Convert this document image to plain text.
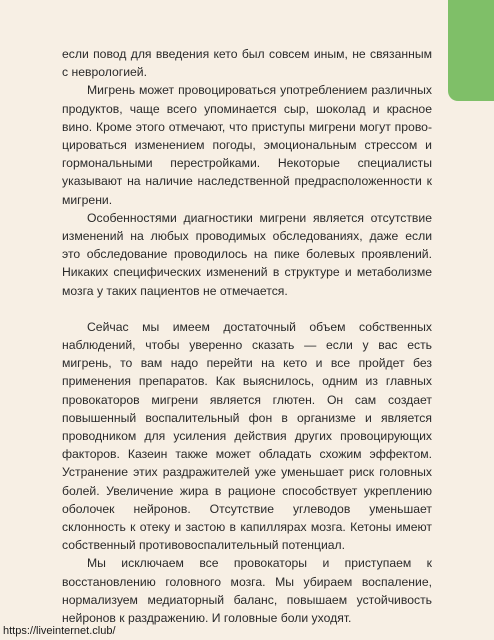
если повод для введения кето был совсем иным, не связанным с неврологией.

Мигрень может провоцироваться употреблением различных продуктов, чаще всего упоминается сыр, шоколад и красное вино. Кроме этого отмечают, что приступы мигрени могут провоцироваться изменением погоды, эмоциональным стрессом и гормональными перестройками. Некоторые специалисты указывают на наличие наследственной предрасположенности к мигрени.

Особенностями диагностики мигрени является отсутствие изменений на любых проводимых обследованиях, даже если это обследование проводилось на пике болевых проявлений. Никаких специфических изменений в структуре и метаболизме мозга у таких пациентов не отмечается.

Сейчас мы имеем достаточный объем собственных наблюдений, чтобы уверенно сказать — если у вас есть мигрень, то вам надо перейти на кето и все пройдет без применения препаратов. Как выяснилось, одним из главных провокаторов мигрени является глютен. Он сам создает повышенный воспалительный фон в организме и является проводником для усиления действия других провоцирующих факторов. Казеин также может обладать схожим эффектом. Устранение этих раздражителей уже уменьшает риск головных болей. Увеличение жира в рационе способствует укреплению оболочек нейронов. Отсутствие углеводов уменьшает склонность к отеку и застою в капиллярах мозга. Кетоны имеют собственный противовоспалительный потенциал.

Мы исключаем все провокаторы и приступаем к восстановлению головного мозга. Мы убираем воспаление, нормализуем медиаторный баланс, повышаем устойчивость нейронов к раздражению. И головные боли уходят.

https://liveinternet.club/
